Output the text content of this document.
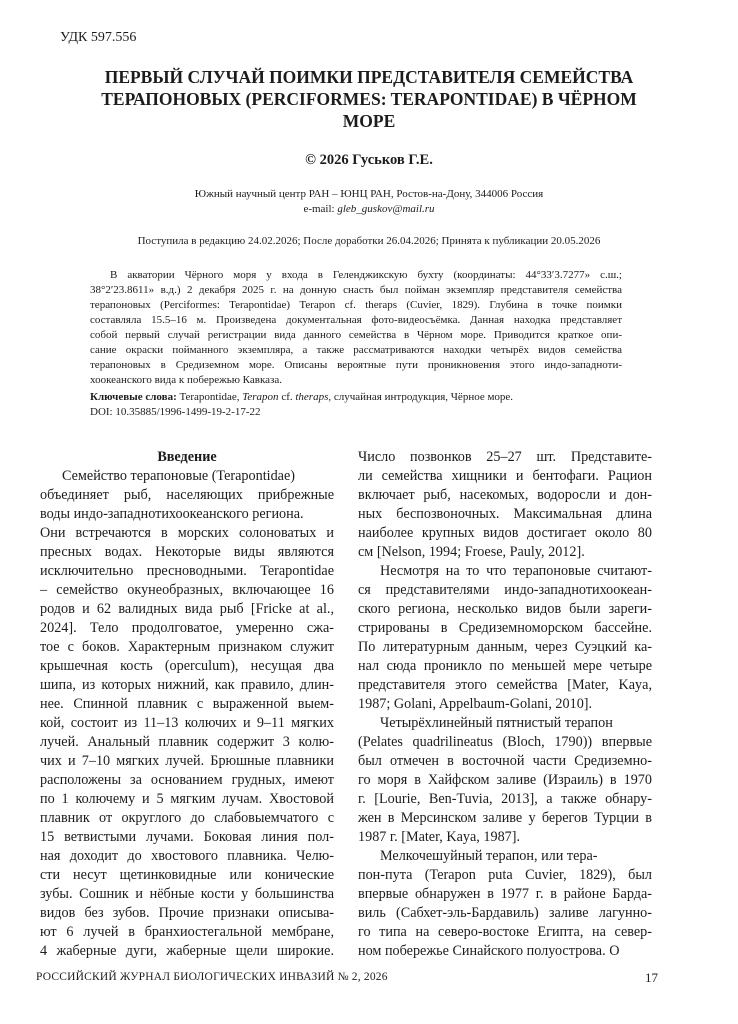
УДК 597.556
ПЕРВЫЙ СЛУЧАЙ ПОИМКИ ПРЕДСТАВИТЕЛЯ СЕМЕЙСТВА
ТЕРАПОНОВЫХ (PERCIFORMES: TERAPONTIDAE) В ЧЁРНОМ
МОРЕ
© 2026 Гуськов Г.Е.
Южный научный центр РАН – ЮНЦ РАН, Ростов-на-Дону, 344006 Россия
e-mail: gleb_guskov@mail.ru
Поступила в редакцию 24.02.2026; После доработки 26.04.2026; Принята к публикации 20.05.2026
В акватории Чёрного моря у входа в Геленджикскую бухту (координаты: 44°33ʹ3.7277» с.ш.;
38°2ʹ23.8611» в.д.) 2 декабря 2025 г. на донную снасть был пойман экземпляр представителя семейства
терапоновых (Perciformes: Terapontidae) Terapon cf. theraps (Cuvier, 1829). Глубина в точке поимки
составляла 15.5–16 м. Произведена документальная фото-видеосъёмка. Данная находка представляет
собой первый случай регистрации вида данного семейства в Чёрном море. Приводится краткое опи-
сание окраски пойманного экземпляра, а также рассматриваются находки четырёх видов семейства
терапоновых в Средиземном море. Описаны вероятные пути проникновения этого индо-западноти-
хоокеанского вида к побережью Кавказа.
Ключевые слова: Terapontidae, Terapon cf. theraps, случайная интродукция, Чёрное море.
DOI: 10.35885/1996-1499-19-2-17-22
Введение
Семейство терапоновые (Terapontidae)
объединяет рыб, населяющих прибрежные
воды индо-западнотихоокеанского региона.
Они встречаются в морских солоноватых и
пресных водах. Некоторые виды являются
исключительно пресноводными. Terapontidae
– семейство окунеобразных, включающее 16
родов и 62 валидных вида рыб [Fricke at al.,
2024]. Тело продолговатое, умеренно сжа-
тое с боков. Характерным признаком служит
крышечная кость (operculum), несущая два
шипа, из которых нижний, как правило, длин-
нее. Спинной плавник с выраженной выем-
кой, состоит из 11–13 колючих и 9–11 мягких
лучей. Анальный плавник содержит 3 колю-
чих и 7–10 мягких лучей. Брюшные плавники
расположены за основанием грудных, имеют
по 1 колючему и 5 мягким лучам. Хвостовой
плавник от округлого до слабовыемчатого с
15 ветвистыми лучами. Боковая линия пол-
ная доходит до хвостового плавника. Челю-
сти несут щетинковидные или конические
зубы. Сошник и нёбные кости у большинства
видов без зубов. Прочие признаки описыва-
ют 6 лучей в бранхиостегальной мембране,
4 жаберные дуги, жаберные щели широкие.
Число позвонков 25–27 шт. Представите-
ли семейства хищники и бентофаги. Рацион
включает рыб, насекомых, водоросли и дон-
ных беспозвоночных. Максимальная длина
наиболее крупных видов достигает около 80
см [Nelson, 1994; Froese, Pauly, 2012].
Несмотря на то что терапоновые считают-
ся представителями индо-западнотихоокеан-
ского региона, несколько видов были зареги-
стрированы в Средиземноморском бассейне.
По литературным данным, через Суэцкий ка-
нал сюда проникло по меньшей мере четыре
представителя этого семейства [Mater, Kaya,
1987; Golani, Appelbaum-Golani, 2010].
Четырёхлинейный пятнистый терапон
(Pelates quadrilineatus (Bloch, 1790)) впервые
был отмечен в восточной части Средиземно-
го моря в Хайфском заливе (Израиль) в 1970
г. [Lourie, Ben-Tuvia, 2013], а также обнару-
жен в Мерсинском заливе у берегов Турции в
1987 г. [Mater, Kaya, 1987].
Мелкочешуйный терапон, или тера-
пон-пута (Terapon puta Cuvier, 1829), был
впервые обнаружен в 1977 г. в районе Барда-
виль (Сабхет-эль-Бардавиль) заливе лагунно-
го типа на северо-востоке Египта, на север-
ном побережье Синайского полуострова. О
РОССИЙСКИЙ ЖУРНАЛ БИОЛОГИЧЕСКИХ ИНВАЗИЙ № 2, 2026	17
